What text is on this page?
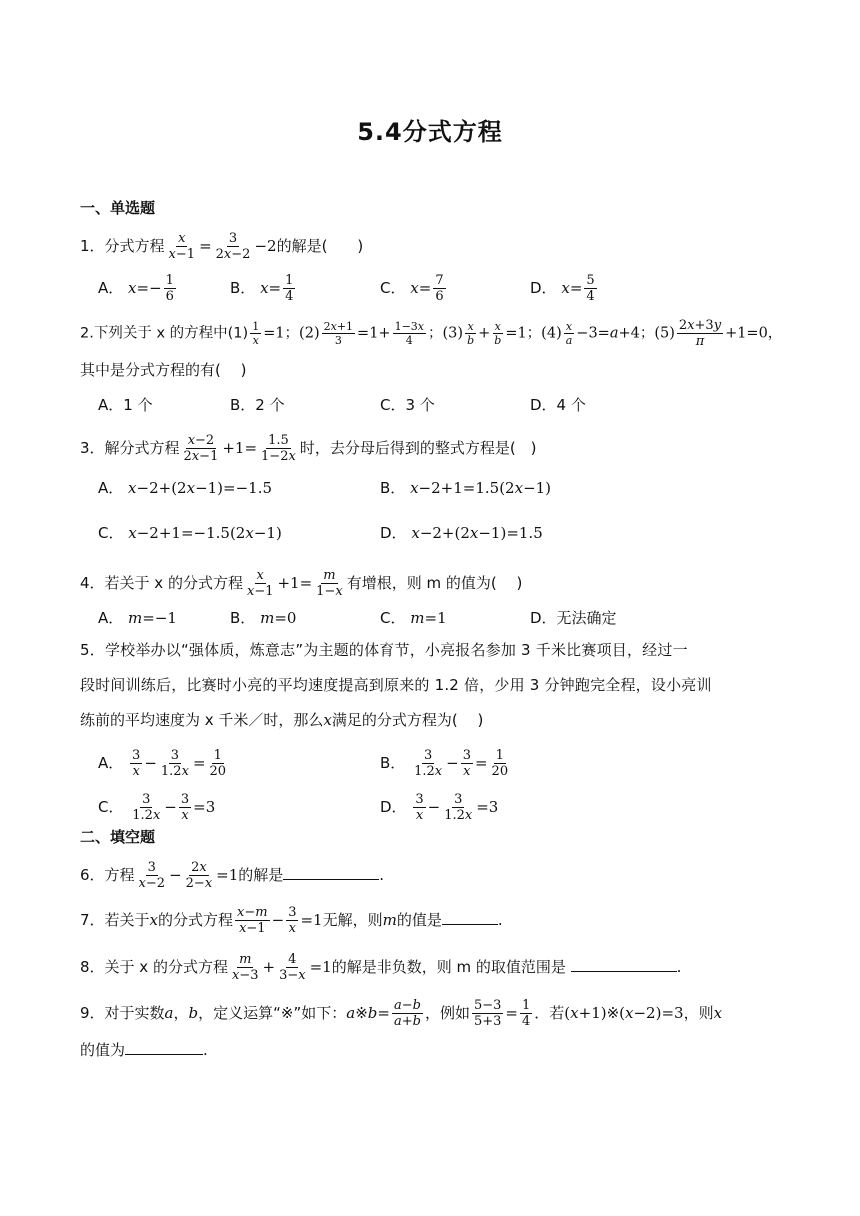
5.4分式方程
一、单选题
1．分式方程 $\frac{x}{x-1} = \frac{3}{2x-2} -2$的解是(　　)
A． $x=- \frac{1}{6}$	B． $x= \frac{1}{4}$	C． $x= \frac{7}{6}$	D． $x= \frac{5}{4}$
2.下列关于 x 的方程中$(1) \frac{1}{x} =1$；$(2) \frac{2x+1}{3} =1+ \frac{1-3x}{4}$ ；$(3) \frac{x}{b} + \frac{x}{b} =1$；$(4) \frac{x}{a} -3=a+4$；$(5) \frac{2x+3y}{\pi} +1=0$，
其中是分式方程的有(　 )
A．1 个	B．2 个	C．3 个	D．4 个
3．解分式方程 $\frac{x-2}{2x-1} +1= \frac{1.5}{1-2x}$ 时，去分母后得到的整式方程是(　)
A． x−2+(2x−1)=−1.5	B． x−2+1=1.5(2x−1)
C． x−2+1=−1.5(2x−1)	D． x−2+(2x−1)=1.5
4．若关于 x 的分式方程 $\frac{x}{x-1} +1= \frac{m}{1-x}$ 有增根，则 m 的值为(　 )
A． m=−1	B． m=0	C． m=1	D．无法确定
5．学校举办以“强体质，炼意志”为主题的体育节，小亮报名参加 3 千米比赛项目，经过一
段时间训练后，比赛时小亮的平均速度提高到原来的 1.2 倍，少用 3 分钟跑完全程，设小亮训
练前的平均速度为 x 千米／时，那么x满足的分式方程为(　 )
A． $\frac{3}{x} - \frac{3}{1.2x} = \frac{1}{20}$	B． $\frac{3}{1.2x} - \frac{3}{x} = \frac{1}{20}$
C． $\frac{3}{1.2x} - \frac{3}{x} =3$	D． $\frac{3}{x} - \frac{3}{1.2x} =3$
二、填空题
6．方程 $\frac{3}{x-2} - \frac{2x}{2-x} =1$的解是	.
7．若关于x的分式方程 $\frac{x-m}{x-1} - \frac{3}{x} =1$无解，则m的值是	.
8．关于 x 的分式方程 $\frac{m}{x-3} + \frac{4}{3-x} =1$的解是非负数，则 m 的取值范围是	.
9．对于实数a，b，定义运算“※”如下：a※b= $\frac{a-b}{a+b}$ ，例如 $\frac{5-3}{5+3} = \frac{1}{4}$ ．若(x+1)※(x−2)=3，则x
的值为	.
